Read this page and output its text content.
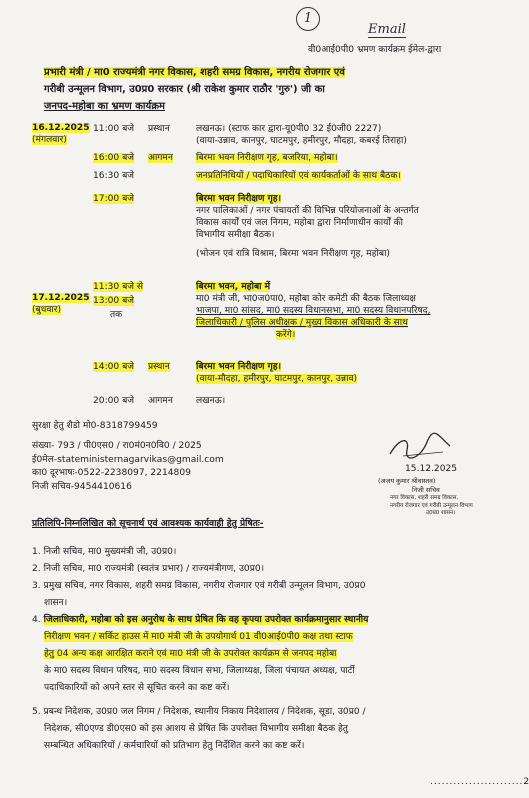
1
Email
वी0आई0पी0 भ्रमण कार्यक्रम ईमेल-द्वारा
प्रभारी मंत्री / मा0 राज्यमंत्री नगर विकास, शहरी समग्र विकास, नगरीय रोजगार एवं
गरीबी उन्मूलन विभाग, उ0प्र0 सरकार (श्री राकेश कुमार राठौर 'गुरु') जी का
जनपद-महोबा का भ्रमण कार्यक्रम
16.12.2025
(मंगलवार)
11:00 बजे प्रस्थान	लखनऊ। (स्टाफ कार द्वारा-यू0पी0 32 ई0जी0 2227)
(वाया-उन्नाव, कानपुर, घाटमपुर, हमीरपुर, मौदहा, कबरई तिराहा)
16:00 बजे आगमन	बिरमा भवन निरीक्षण गृह, बजरिया, महोबा।
16:30 बजे	जनप्रतिनिधियों / पदाधिकारियों एवं कार्यकर्ताओं के साथ बैठक।
17:00 बजे	बिरमा भवन निरीक्षण गृह।
नगर पालिकाओं / नगर पंचायतों की विभिन्न परियोजनाओं के अन्तर्गत
विकास कार्यों एवं जल निगम, महोबा द्वारा निर्माणाधीन कार्यों की
विभागीय समीक्षा बैठक।
(भोजन एवं रात्रि विश्राम, बिरमा भवन निरीक्षण गृह, महोबा)
17.12.2025
(बुधवार)
11:30 बजे से
13:00 बजे
तक
बिरमा भवन, महोबा में
मा0 मंत्री जी, भा0ज0पा0, महोबा कोर कमेटी की बैठक जिलाध्यक्ष
भाजपा, मा0 सांसद, मा0 सदस्य विधानसभा, मा0 सदस्य विधानपरिषद,
जिलाधिकारी / पुलिस अधीक्षक / मुख्य विकास अधिकारी के साथ
करेंगे।
14:00 बजे प्रस्थान	बिरमा भवन निरीक्षण गृह।
(वाया-मौदहा, हमीरपुर, घाटमपुर, कानपुर, उन्नाव)
20:00 बजे आगमन	लखनऊ।
सुरक्षा हेतु शैडो मो0-8318799459
संख्या- 793 / पी0एस0 / रा0मं0न0वि0 / 2025
ई0मेल-stateministernagarvikas@gmail.com
का0 दूरभाषः-0522-2238097, 2214809
निजी सचिव-9454410616
15.12.2025
(अजय कुमार श्रीवास्तव)
निजी सचिव
नगर विकास, शहरी समग्र विकास,
नगरीय रोजगार एवं गरीबी उन्मूलन विभाग
उ0प्र0 शासन।
प्रतिलिपि-निम्नलिखित को सूचनार्थ एवं आवश्यक कार्यवाही हेतु प्रेषितः-
1. निजी सचिव, मा0 मुख्यमंत्री जी, उ0प्र0।
2. निजी सचिव, मा0 राज्यमंत्री (स्वतंत्र प्रभार) / राज्यमंत्रीगण, उ0प्र0।
3. प्रमुख सचिव, नगर विकास, शहरी समग्र विकास, नगरीय रोजगार एवं गरीबी उन्मूलन विभाग, उ0प्र0
शासन।
4. जिलाधिकारी, महोबा को इस अनुरोध के साथ प्रेषित कि वह कृपया उपरोक्त कार्यक्रमानुसार स्थानीय
निरीक्षण भवन / सर्किट हाउस में मा0 मंत्री जी के उपयोगार्थ 01 वी0आई0पी0 कक्ष तथा स्टाफ
हेतु 04 अन्य कक्ष आरक्षित कराने एवं मा0 मंत्री जी के उपरोक्त कार्यक्रम से जनपद महोबा
के मा0 सदस्य विधान परिषद, मा0 सदस्य विधान सभा, जिलाध्यक्ष, जिला पंचायत अध्यक्ष, पार्टी
पदाधिकारियों को अपने स्तर से सूचित करने का कष्ट करें।
5. प्रबन्ध निदेशक, उ0प्र0 जल निगम / निदेशक, स्थानीय निकाय निदेशालय / निदेशक, सूडा, उ0प्र0 /
निदेशक, सी0एण्ड डी0एस0 को इस आशय से प्रेषित कि उपरोक्त विभागीय समीक्षा बैठक हेतु
सम्बन्धित अधिकारियों / कर्मचारियों को प्रतिभाग हेतु निर्देशित करने का कष्ट करें।
........................2
